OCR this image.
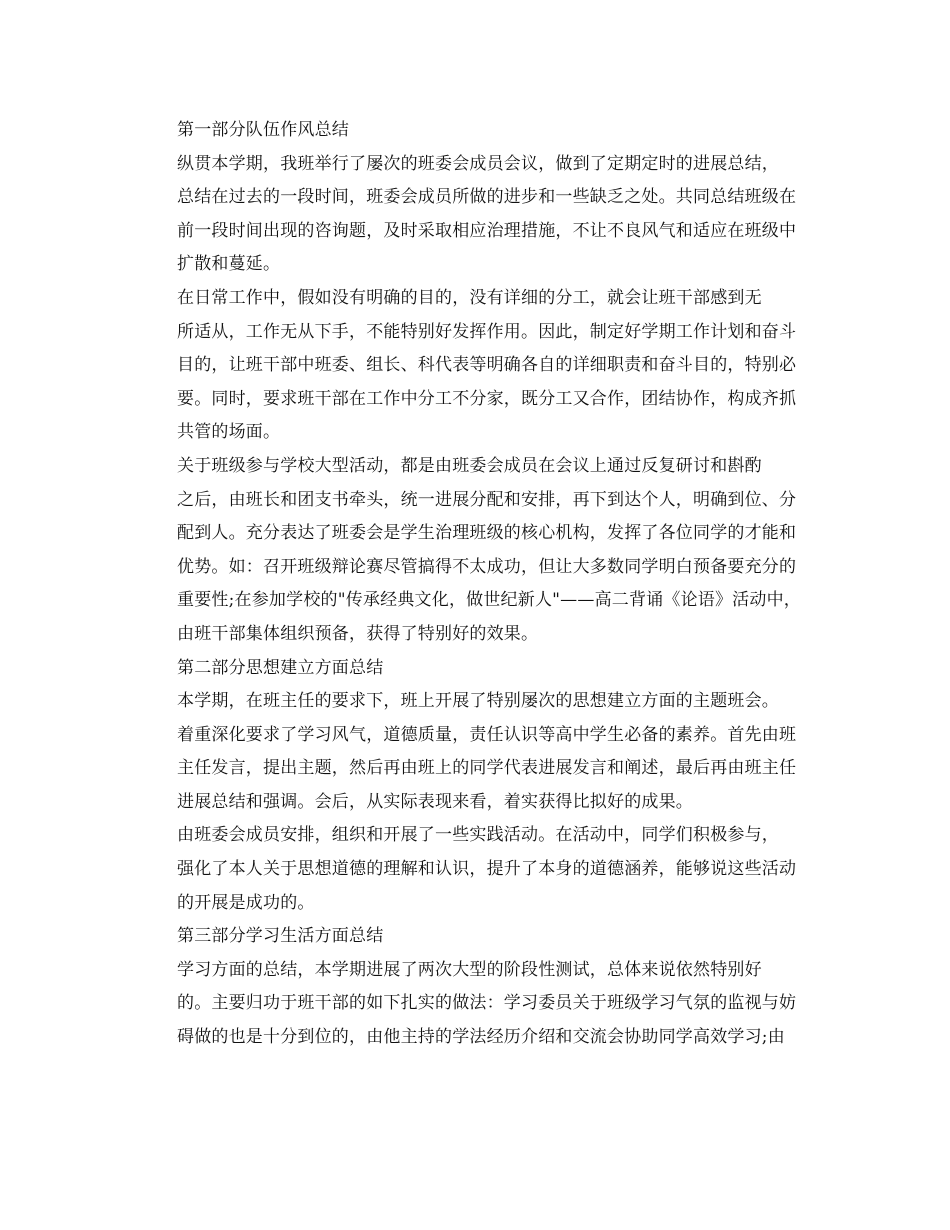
第一部分队伍作风总结
纵贯本学期，我班举行了屡次的班委会成员会议，做到了定期定时的进展总结，
总结在过去的一段时间，班委会成员所做的进步和一些缺乏之处。共同总结班级在
前一段时间出现的咨询题，及时采取相应治理措施，不让不良风气和适应在班级中
扩散和蔓延。
在日常工作中，假如没有明确的目的，没有详细的分工，就会让班干部感到无
所适从，工作无从下手，不能特别好发挥作用。因此，制定好学期工作计划和奋斗
目的，让班干部中班委、组长、科代表等明确各自的详细职责和奋斗目的，特别必
要。同时，要求班干部在工作中分工不分家，既分工又合作，团结协作，构成齐抓
共管的场面。
关于班级参与学校大型活动，都是由班委会成员在会议上通过反复研讨和斟酌
之后，由班长和团支书牵头，统一进展分配和安排，再下到达个人，明确到位、分
配到人。充分表达了班委会是学生治理班级的核心机构，发挥了各位同学的才能和
优势。如：召开班级辩论赛尽管搞得不太成功，但让大多数同学明白预备要充分的
重要性;在参加学校的"传承经典文化，做世纪新人"——高二背诵《论语》活动中，
由班干部集体组织预备，获得了特别好的效果。
第二部分思想建立方面总结
本学期，在班主任的要求下，班上开展了特别屡次的思想建立方面的主题班会。
着重深化要求了学习风气，道德质量，责任认识等高中学生必备的素养。首先由班
主任发言，提出主题，然后再由班上的同学代表进展发言和阐述，最后再由班主任
进展总结和强调。会后，从实际表现来看，着实获得比拟好的成果。
由班委会成员安排，组织和开展了一些实践活动。在活动中，同学们积极参与，
强化了本人关于思想道德的理解和认识，提升了本身的道德涵养，能够说这些活动
的开展是成功的。
第三部分学习生活方面总结
学习方面的总结，本学期进展了两次大型的阶段性测试，总体来说依然特别好
的。主要归功于班干部的如下扎实的做法：学习委员关于班级学习气氛的监视与妨
碍做的也是十分到位的，由他主持的学法经历介绍和交流会协助同学高效学习;由
